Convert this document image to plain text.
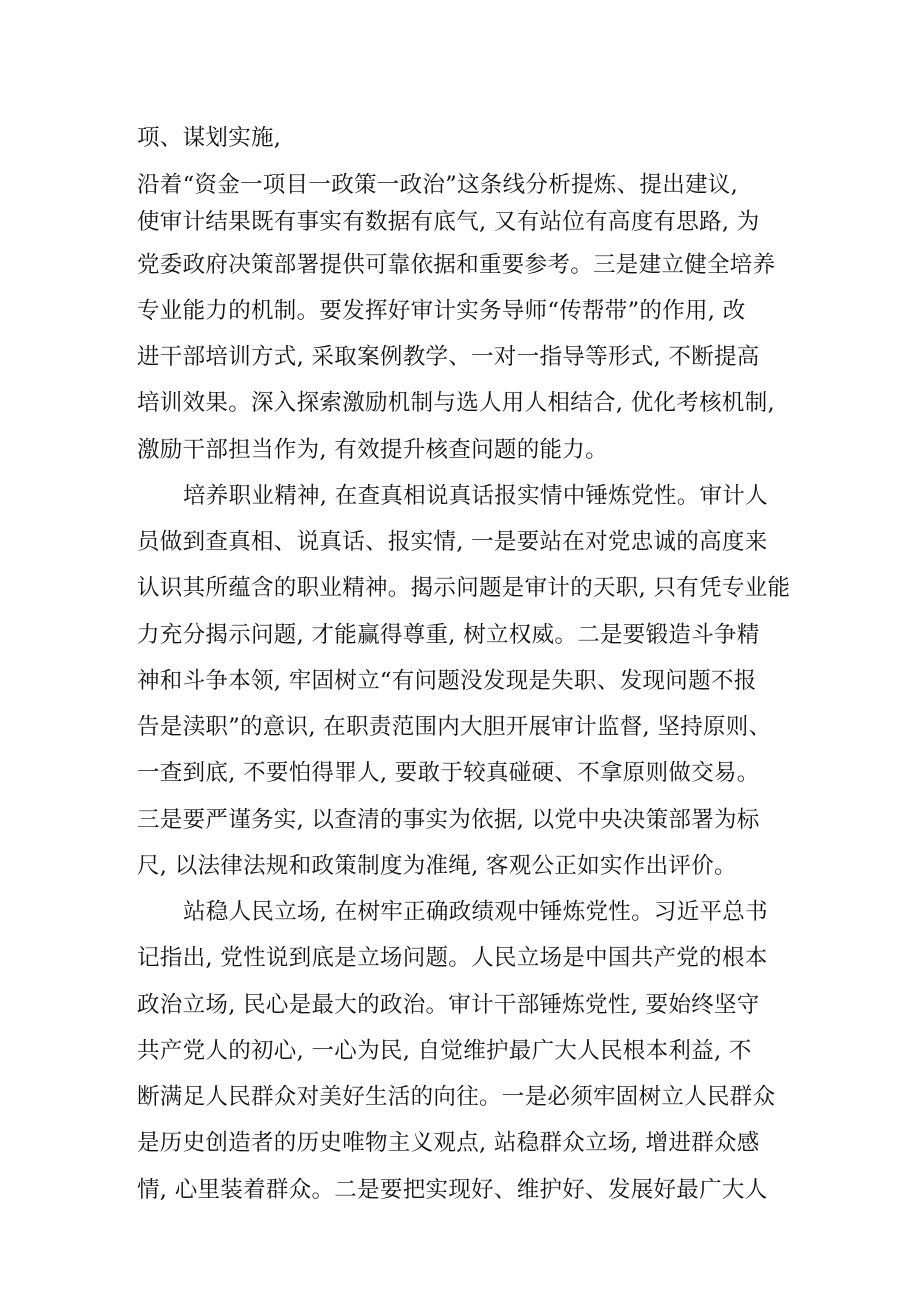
项、谋划实施,
沿着“资金一项目一政策一政治”这条线分析提炼、提出建议,
使审计结果既有事实有数据有底气, 又有站位有高度有思路, 为
党委政府决策部署提供可靠依据和重要参考。三是建立健全培养
专业能力的机制。要发挥好审计实务导师“传帮带”的作用, 改
进干部培训方式, 采取案例教学、一对一指导等形式, 不断提高
培训效果。深入探索激励机制与选人用人相结合, 优化考核机制,
激励干部担当作为, 有效提升核查问题的能力。
培养职业精神, 在查真相说真话报实情中锤炼党性。审计人
员做到查真相、说真话、报实情, 一是要站在对党忠诚的高度来
认识其所蕴含的职业精神。揭示问题是审计的天职, 只有凭专业能
力充分揭示问题, 才能赢得尊重, 树立权威。二是要锻造斗争精
神和斗争本领, 牢固树立“有问题没发现是失职、发现问题不报
告是渎职”的意识, 在职责范围内大胆开展审计监督, 坚持原则、
一查到底, 不要怕得罪人, 要敢于较真碰硬、不拿原则做交易。
三是要严谨务实, 以查清的事实为依据, 以党中央决策部署为标
尺, 以法律法规和政策制度为准绳, 客观公正如实作出评价。
站稳人民立场, 在树牢正确政绩观中锤炼党性。习近平总书
记指出, 党性说到底是立场问题。人民立场是中国共产党的根本
政治立场, 民心是最大的政治。审计干部锤炼党性, 要始终坚守
共产党人的初心, 一心为民, 自觉维护最广大人民根本利益, 不
断满足人民群众对美好生活的向往。一是必须牢固树立人民群众
是历史创造者的历史唯物主义观点, 站稳群众立场, 增进群众感
情, 心里装着群众。二是要把实现好、维护好、发展好最广大人
